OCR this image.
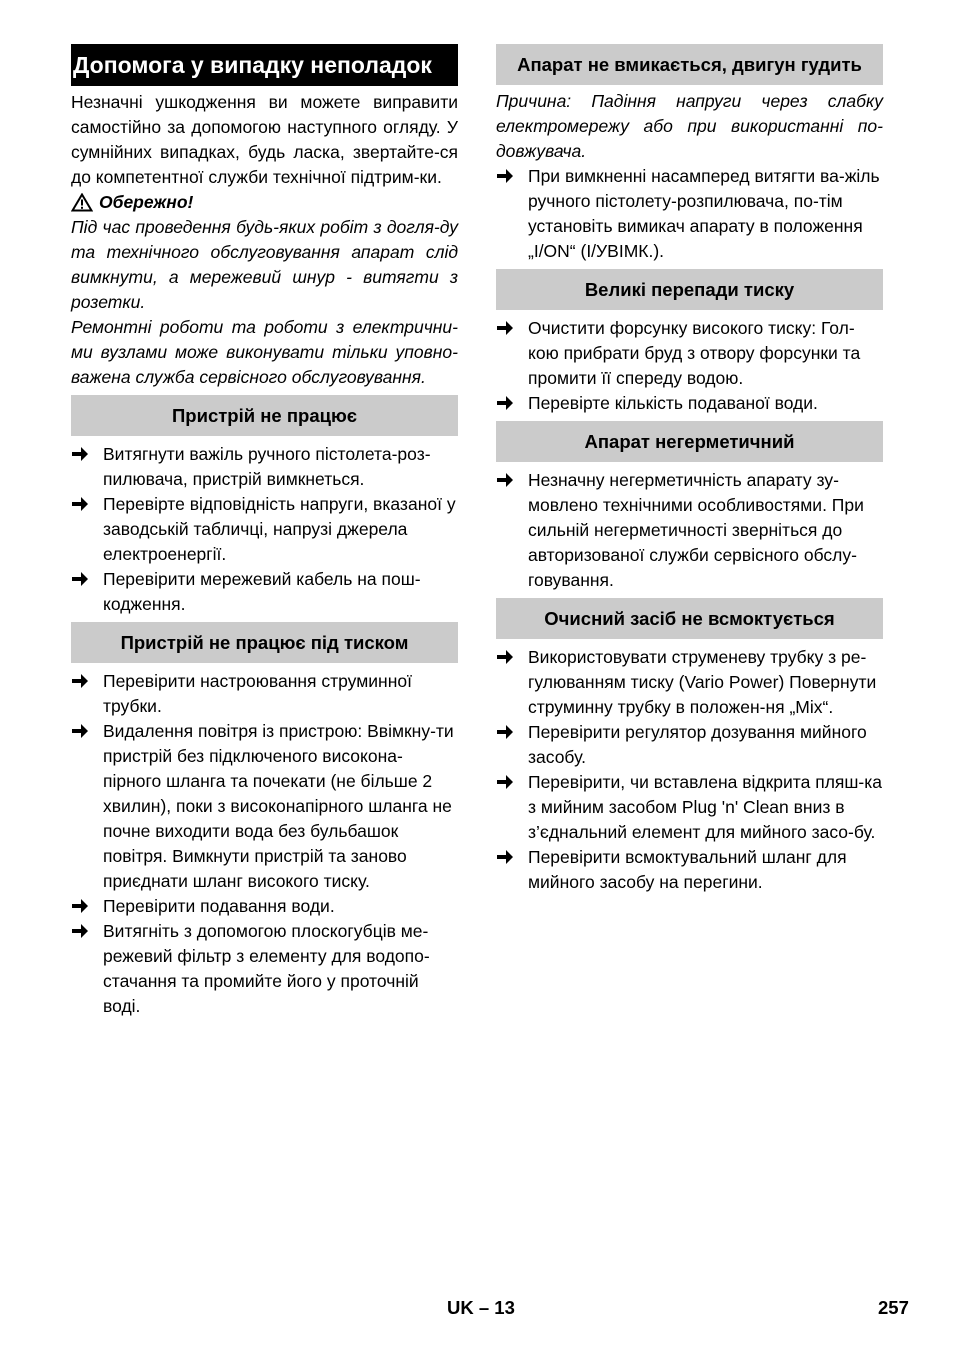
Допомога у випадку неполадок

Незначні ушкодження ви можете виправити самостійно за допомогою наступного огляду. У сумнійних випадках, будь ласка, звертайте-ся до компетентної служби технічної підтрим-ки.

Обережно!

Під час проведення будь-яких робіт з догля-ду та технічного обслуговування апарат слід вимкнути, а мережевий шнур - витягти з розетки.

Ремонтні роботи та роботи з електрични-ми вузлами може виконувати тільки уповно-важена служба сервісного обслуговування.

Пристрій не працює
Витягнути важіль ручного пістолета-роз-пилювача, пристрій вимкнеться.
Перевірте відповідність напруги, вказаної у заводській табличці, напрузі джерела електроенергії.
Перевірити мережевий кабель на пош-кодження.
Пристрій не працює під тиском
Перевірити настроювання струминної трубки.
Видалення повітря із пристрою: Ввімкну-ти пристрій без підключеного високона-пірного шланга та почекати (не більше 2 хвилин), поки з високонапірного шланга не почне виходити вода без бульбашок повітря. Вимкнути пристрій та заново приєднати шланг високого тиску.
Перевірити подавання води.
Витягніть з допомогою плоскогубців ме-режевий фільтр з елементу для водопо-стачання та промийте його у проточній воді.
Апарат не вмикається, двигун гудить

Причина: Падіння напруги через слабку електромережу або при використанні по-довжувача.

При вимкненні насамперед витягти ва-жіль ручного пістолету-розпилювача, по-тім установіть вимикач апарату в положення „I/ON“ (I/УВІМК.).
Великі перепади тиску
Очистити форсунку високого тиску: Гол-кою прибрати бруд з отвору форсунки та промити її спереду водою.
Перевірте кількість подаваної води.
Апарат негерметичний
Незначну негерметичність апарату зу-мовлено технічними особливостями. При сильній негерметичності зверніться до авторизованої служби сервісного обслу-говування.
Очисний засіб не всмоктується
Використовувати струменеву трубку з ре-гулюванням тиску (Vario Power) Повернути струминну трубку в положен-ня „Mix“.
Перевірити регулятор дозування мийного засобу.
Перевірити, чи вставлена відкрита пляш-ка з мийним засобом Plug 'n' Clean вниз в з’єднальний елемент для мийного засо-бу.
Перевірити всмоктувальний шланг для мийного засобу на перегини.
UK – 13	257
